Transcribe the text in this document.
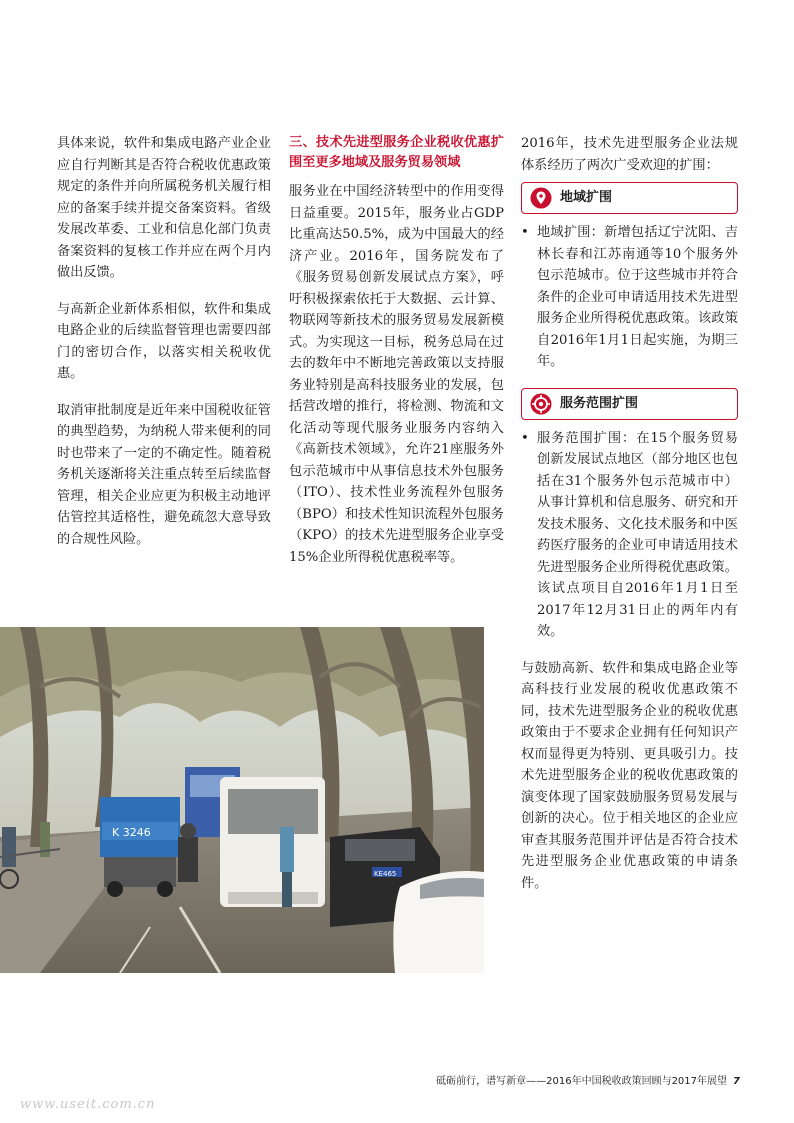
具体来说，软件和集成电路产业企业应自行判断其是否符合税收优惠政策规定的条件并向所属税务机关履行相应的备案手续并提交备案资料。省级发展改革委、工业和信息化部门负责备案资料的复核工作并应在两个月内做出反馈。

与高新企业新体系相似，软件和集成电路企业的后续监督管理也需要四部门的密切合作，以落实相关税收优惠。

取消审批制度是近年来中国税收征管的典型趋势，为纳税人带来便利的同时也带来了一定的不确定性。随着税务机关逐渐将关注重点转至后续监督管理，相关企业应更为积极主动地评估管控其适格性，避免疏忽大意导致的合规性风险。

三、技术先进型服务企业税收优惠扩围至更多地域及服务贸易领域

服务业在中国经济转型中的作用变得日益重要。2015年，服务业占GDP比重高达50.5%，成为中国最大的经济产业。2016年，国务院发布了《服务贸易创新发展试点方案》，呼吁积极探索依托于大数据、云计算、物联网等新技术的服务贸易发展新模式。为实现这一目标，税务总局在过去的数年中不断地完善政策以支持服务业特别是高科技服务业的发展，包括营改增的推行，将检测、物流和文化活动等现代服务业服务内容纳入《高新技术领域》，允许21座服务外包示范城市中从事信息技术外包服务（ITO）、技术性业务流程外包服务（BPO）和技术性知识流程外包服务（KPO）的技术先进型服务企业享受15%企业所得税优惠税率等。

2016年，技术先进型服务企业法规体系经历了两次广受欢迎的扩围：

地域扩围
• 地域扩围：新增包括辽宁沈阳、吉林长春和江苏南通等10个服务外包示范城市。位于这些城市并符合条件的企业可申请适用技术先进型服务企业所得税优惠政策。该政策自2016年1月1日起实施，为期三年。
服务范围扩围
• 服务范围扩围：在15个服务贸易创新发展试点地区（部分地区也包括在31个服务外包示范城市中）从事计算机和信息服务、研究和开发技术服务、文化技术服务和中医药医疗服务的企业可申请适用技术先进型服务企业所得税优惠政策。该试点项目自2016年1月1日至2017年12月31日止的两年内有效。

与鼓励高新、软件和集成电路企业等高科技行业发展的税收优惠政策不同，技术先进型服务企业的税收优惠政策由于不要求企业拥有任何知识产权而显得更为特别、更具吸引力。技术先进型服务企业的税收优惠政策的演变体现了国家鼓励服务贸易发展与创新的决心。位于相关地区的企业应审查其服务范围并评估是否符合技术先进型服务企业优惠政策的申请条件。

K 3246
KE465
砥砺前行，谱写新章——2016年中国税收政策回顾与2017年展望 7
www.useit.com.cn
